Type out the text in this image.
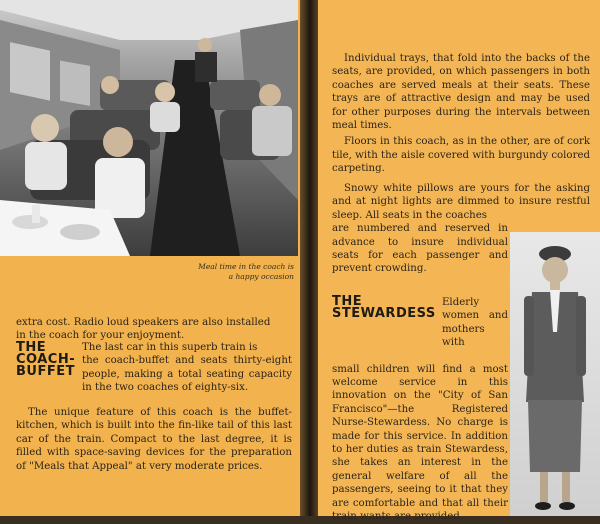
Meal time in the coach is
a happy occasion
extra cost. Radio loud speakers are also installed
in the coach for your enjoyment.
THE
COACH-
BUFFET
The last car in this superb train is
the coach-buffet and seats thirty-eight people, making a total seating capacity in the two coaches of eighty-six.
The unique feature of this coach is the buffet-kitchen, which is built into the fin-like tail of this last car of the train. Compact to the last degree, it is filled with space-saving devices for the preparation of "Meals that Appeal" at very moderate prices.

Individual trays, that fold into the backs of the seats, are provided, on which passengers in both coaches are served meals at their seats. These trays are of attractive design and may be used for other purposes during the intervals between meal times.

Floors in this coach, as in the other, are of cork tile, with the aisle covered with burgundy colored carpeting.

Snowy white pillows are yours for the asking and at night lights are dimmed to insure restful sleep. All seats in the coaches
are numbered and reserved in advance to insure individual seats for each passenger and prevent crowding.
THE
STEWARDESS
Elderly women and mothers with
small children will find a most welcome service in this innovation on the "City of San Francisco"—the Registered Nurse-Stewardess. No charge is made for this service. In addition to her duties as train Stewardess, she takes an interest in the general welfare of all the passengers, seeing to it that they are comfortable and that all their train wants are provided.
